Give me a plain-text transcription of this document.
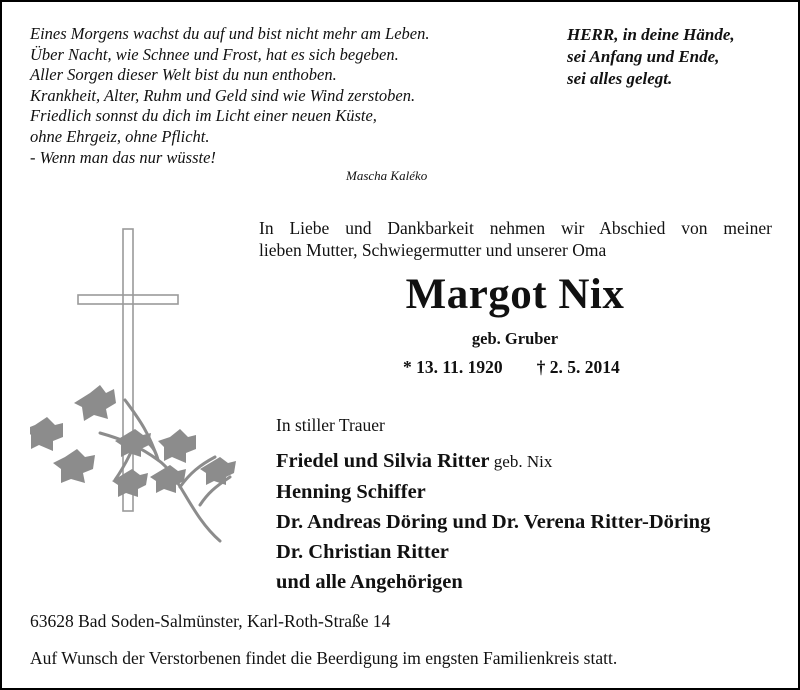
Eines Morgens wachst du auf und bist nicht mehr am Leben.
Über Nacht, wie Schnee und Frost, hat es sich begeben.
Aller Sorgen dieser Welt bist du nun enthoben.
Krankheit, Alter, Ruhm und Geld sind wie Wind zerstoben.
Friedlich sonnst du dich im Licht einer neuen Küste,
ohne Ehrgeiz, ohne Pflicht.
- Wenn man das nur wüsste!
Mascha Kaléko
HERR, in deine Hände,
sei Anfang und Ende,
sei alles gelegt.
In Liebe und Dankbarkeit nehmen wir Abschied von meiner
lieben Mutter, Schwiegermutter und unserer Oma
Margot Nix
geb. Gruber
* 13. 11. 1920 † 2. 5. 2014
In stiller Trauer
Friedel und Silvia Ritter geb. Nix
Henning Schiffer
Dr. Andreas Döring und Dr. Verena Ritter-Döring
Dr. Christian Ritter
und alle Angehörigen
63628 Bad Soden-Salmünster, Karl-Roth-Straße 14
Auf Wunsch der Verstorbenen findet die Beerdigung im engsten Familienkreis statt.
